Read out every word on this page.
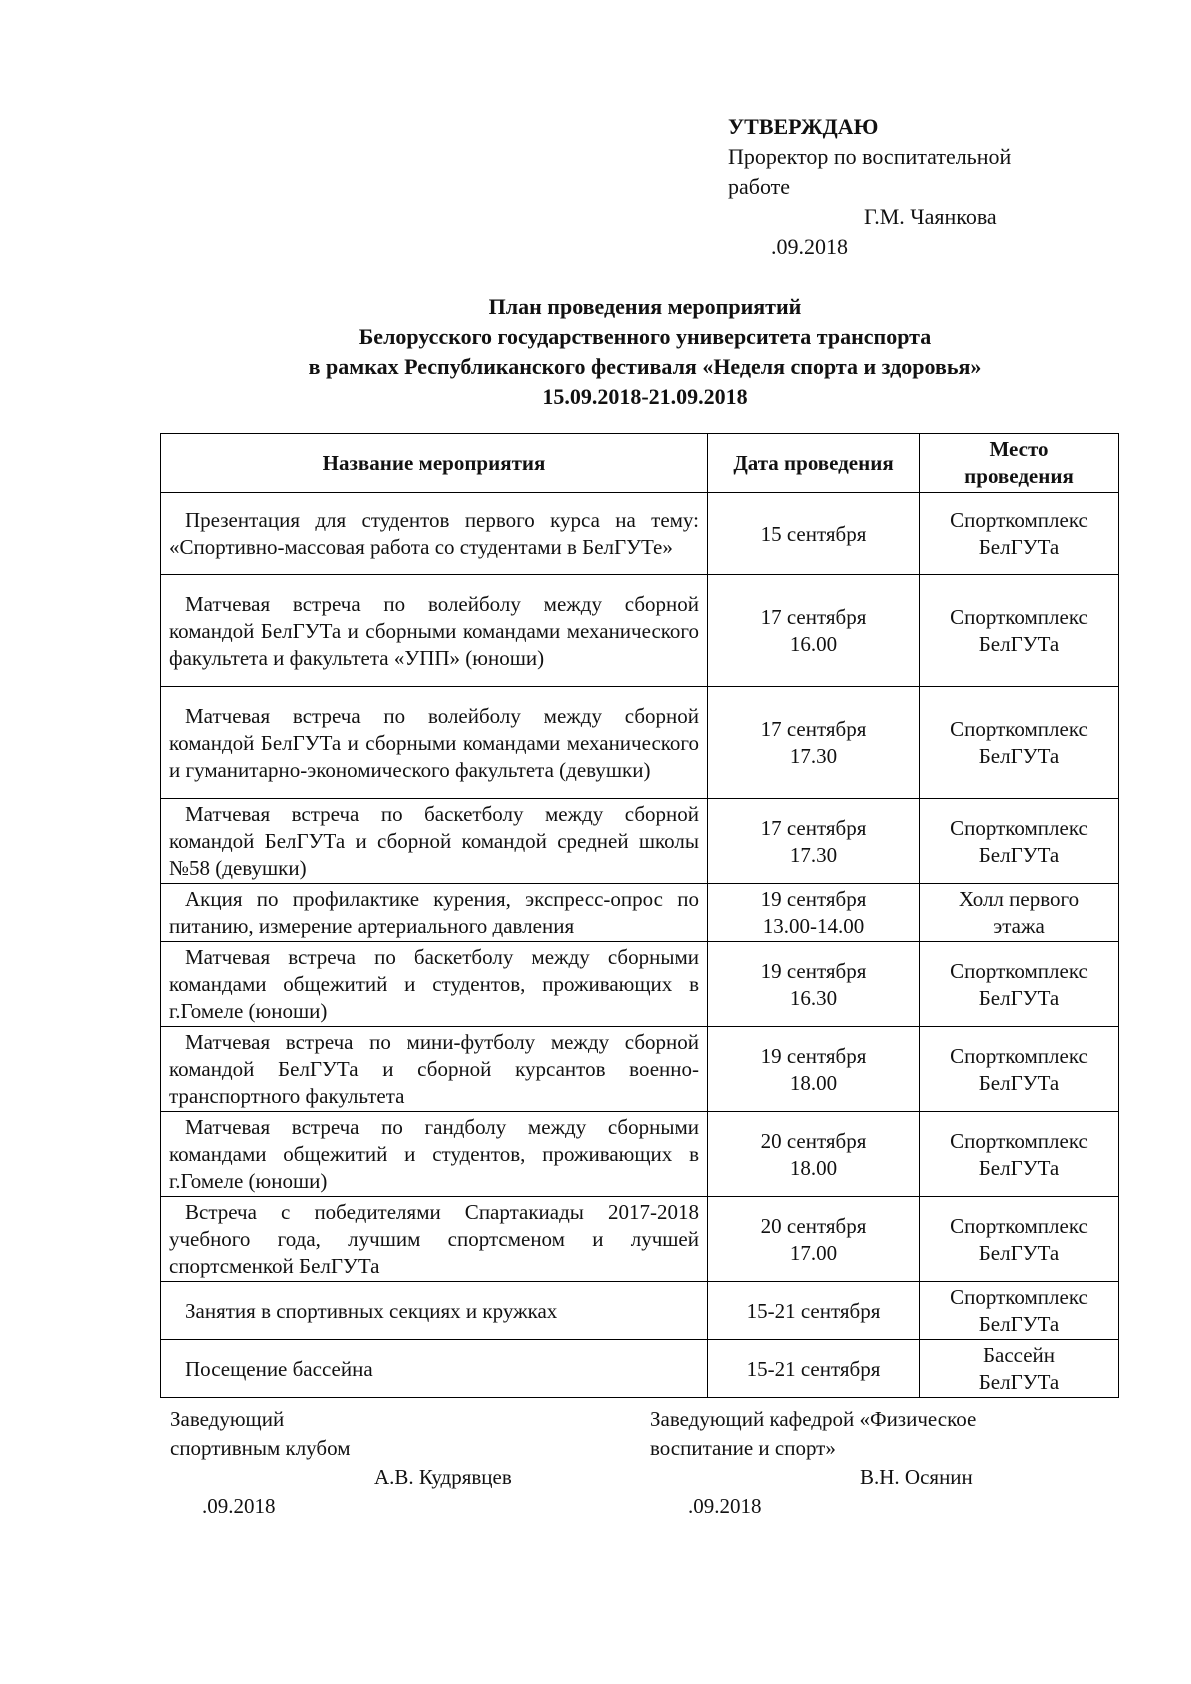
УТВЕРЖДАЮ
Проректор по воспитательной
работе
Г.М. Чаянкова
.09.2018
План проведения мероприятий
Белорусского государственного университета транспорта
в рамках Республиканского фестиваля «Неделя спорта и здоровья»
15.09.2018-21.09.2018
Название мероприятия	Дата проведения	Место
проведения

Презентация для студентов первого курса на тему: «Спортивно-массовая работа со студентами в БелГУТе»	15 сентября	Спорткомплекс
БелГУТа

Матчевая встреча по волейболу между сборной командой БелГУТа и сборными командами механического факультета и факультета «УПП» (юноши)	17 сентября
16.00	Спорткомплекс
БелГУТа

Матчевая встреча по волейболу между сборной командой БелГУТа и сборными командами механического и гуманитарно-экономического факультета (девушки)	17 сентября
17.30	Спорткомплекс
БелГУТа

Матчевая встреча по баскетболу между сборной командой БелГУТа и сборной командой средней школы №58 (девушки)	17 сентября
17.30	Спорткомплекс
БелГУТа

Акция по профилактике курения, экспресс-опрос по питанию, измерение артериального давления	19 сентября
13.00-14.00	Холл первого
этажа

Матчевая встреча по баскетболу между сборными командами общежитий и студентов, проживающих в г.Гомеле (юноши)	19 сентября
16.30	Спорткомплекс
БелГУТа

Матчевая встреча по мини-футболу между сборной командой БелГУТа и сборной курсантов военно-транспортного факультета	19 сентября
18.00	Спорткомплекс
БелГУТа

Матчевая встреча по гандболу между сборными командами общежитий и студентов, проживающих в г.Гомеле (юноши)	20 сентября
18.00	Спорткомплекс
БелГУТа

Встреча с победителями Спартакиады 2017-2018 учебного года, лучшим спортсменом и лучшей спортсменкой БелГУТа	20 сентября
17.00	Спорткомплекс
БелГУТа

Занятия в спортивных секциях и кружках	15-21 сентября	Спорткомплекс
БелГУТа

Посещение бассейна	15-21 сентября	Бассейн
БелГУТа
Заведующий
спортивным клубом
А.В. Кудрявцев
.09.2018
Заведующий кафедрой «Физическое
воспитание и спорт»
В.Н. Осянин
.09.2018
